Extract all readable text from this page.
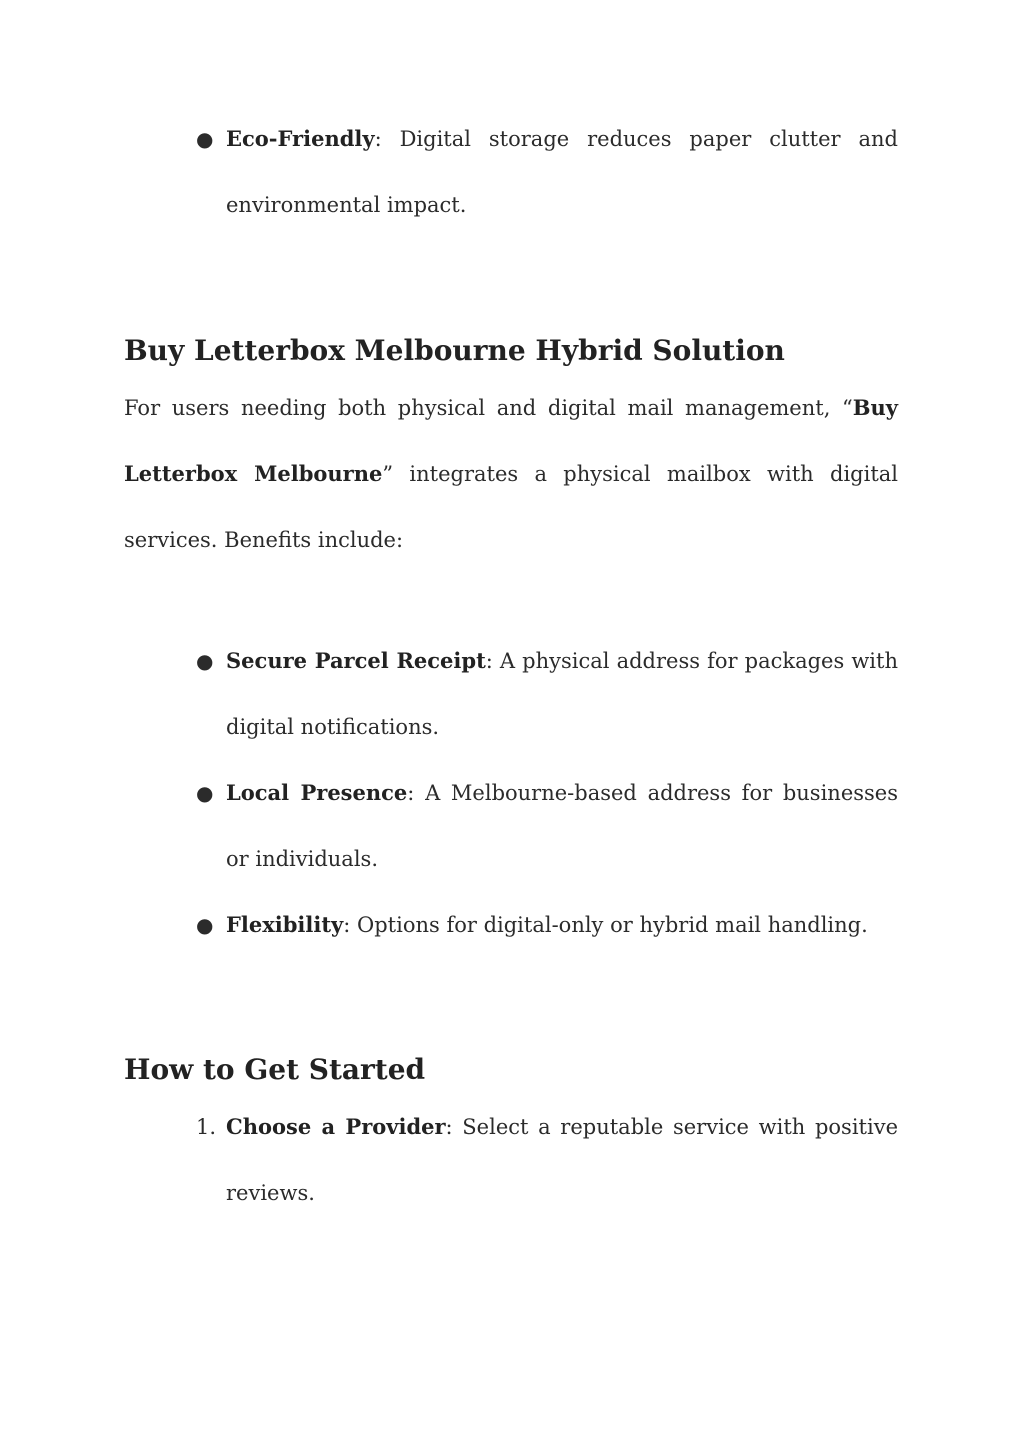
● Eco-Friendly: Digital storage reduces paper clutter and environmental impact.
Buy Letterbox Melbourne Hybrid Solution
For users needing both physical and digital mail management, “Buy Letterbox Melbourne” integrates a physical mailbox with digital services. Benefits include:
● Secure Parcel Receipt: A physical address for packages with digital notifications.
● Local Presence: A Melbourne-based address for businesses or individuals.
● Flexibility: Options for digital-only or hybrid mail handling.
How to Get Started
1. Choose a Provider: Select a reputable service with positive reviews.
